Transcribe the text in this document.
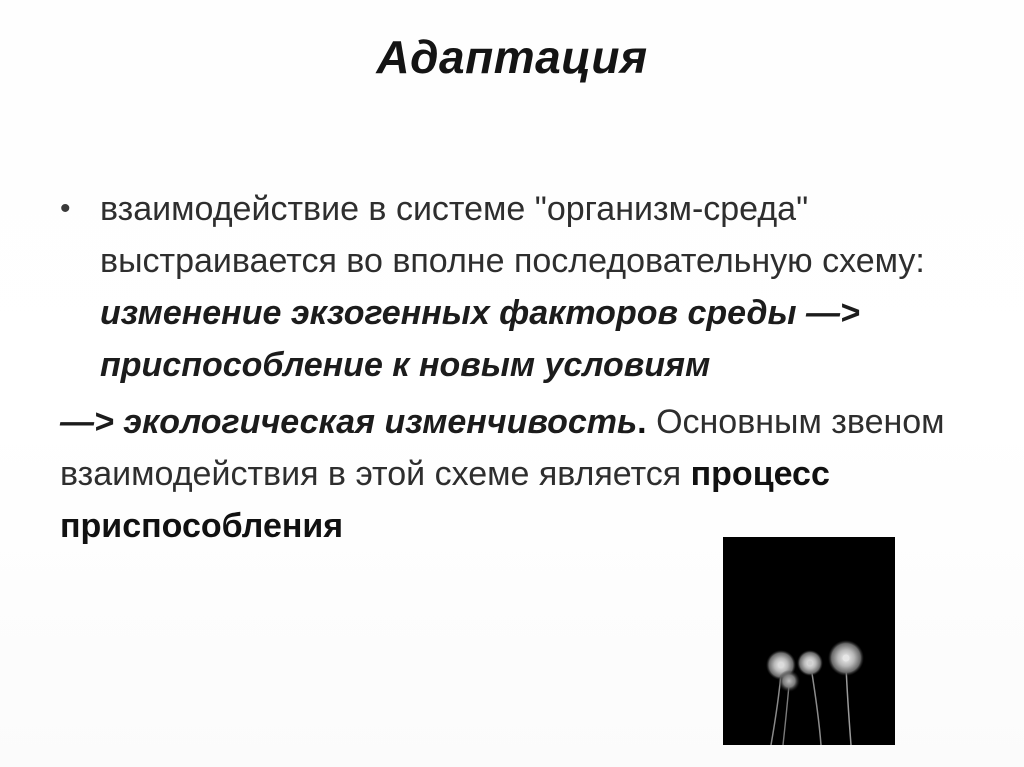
Адаптация
• взаимодействие в системе "организм-среда" выстраивается во вполне последовательную схему: изменение экзогенных факторов среды —> приспособление к новым условиям
—> экологическая изменчивость. Основным звеном взаимодействия в этой схеме является процесс приспособления
